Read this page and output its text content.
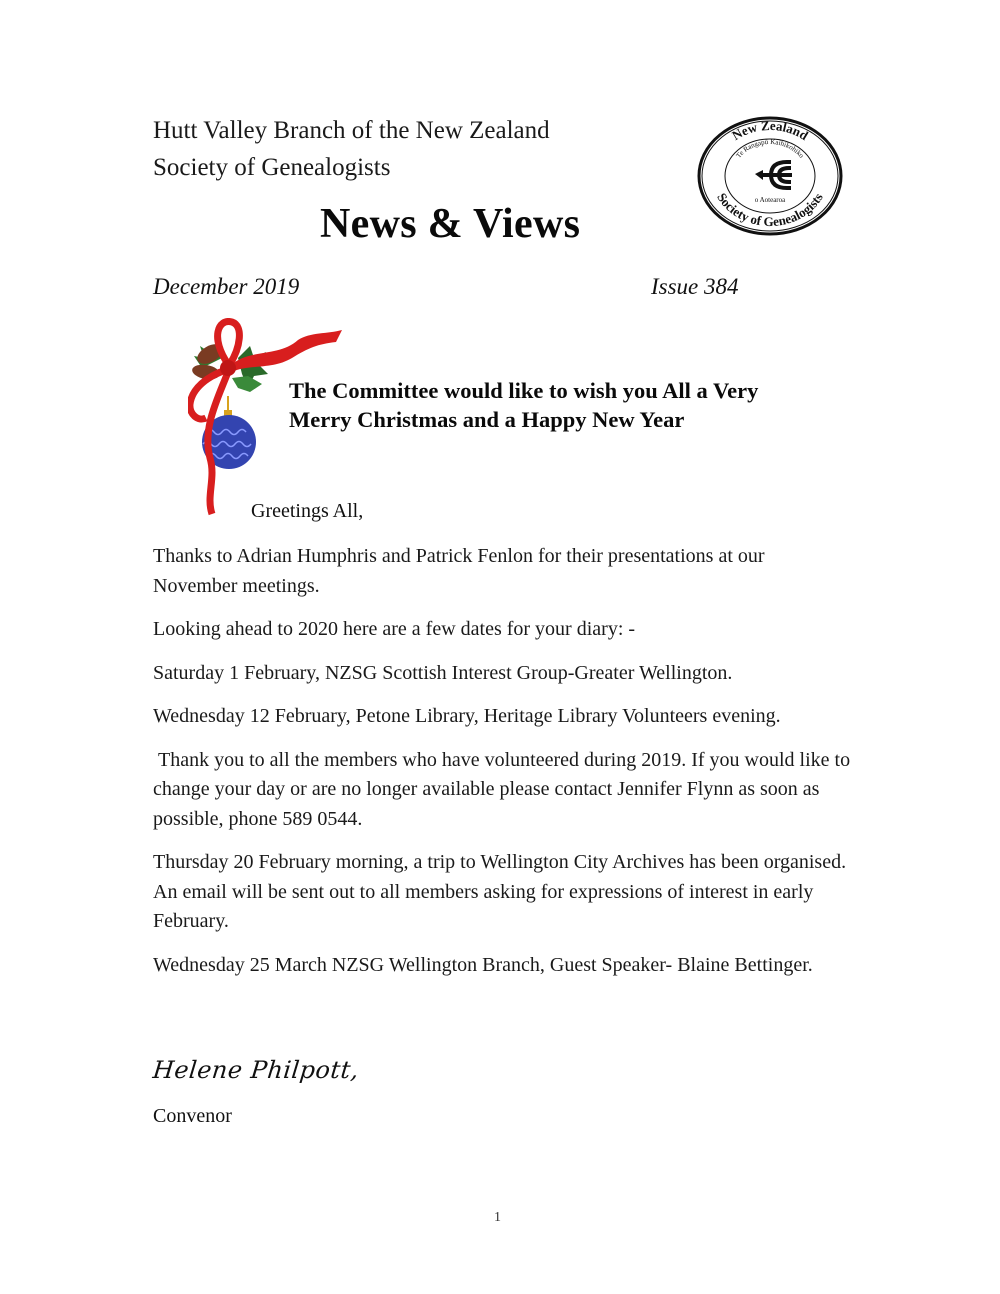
Hutt Valley Branch of the New Zealand
Society of Genealogists
News & Views
December 2019	Issue 384
New Zealand
Society of Genealogists
Te Rangapū Kaihikohiko
o Aotearoa
The Committee would like to wish you All a Very
Merry Christmas and a Happy New Year
Greetings All,

Thanks to Adrian Humphris and Patrick Fenlon for their presentations at our November meetings.

Looking ahead to 2020 here are a few dates for your diary: -

Saturday 1 February, NZSG Scottish Interest Group-Greater Wellington.

Wednesday 12 February, Petone Library, Heritage Library Volunteers evening.

Thank you to all the members who have volunteered during 2019. If you would like to change your day or are no longer available please contact Jennifer Flynn as soon as possible, phone 589 0544.

Thursday 20 February morning, a trip to Wellington City Archives has been organised. An email will be sent out to all members asking for expressions of interest in early February.

Wednesday 25 March NZSG Wellington Branch, Guest Speaker- Blaine Bettinger.

Helene Philpott,
Convenor
1
